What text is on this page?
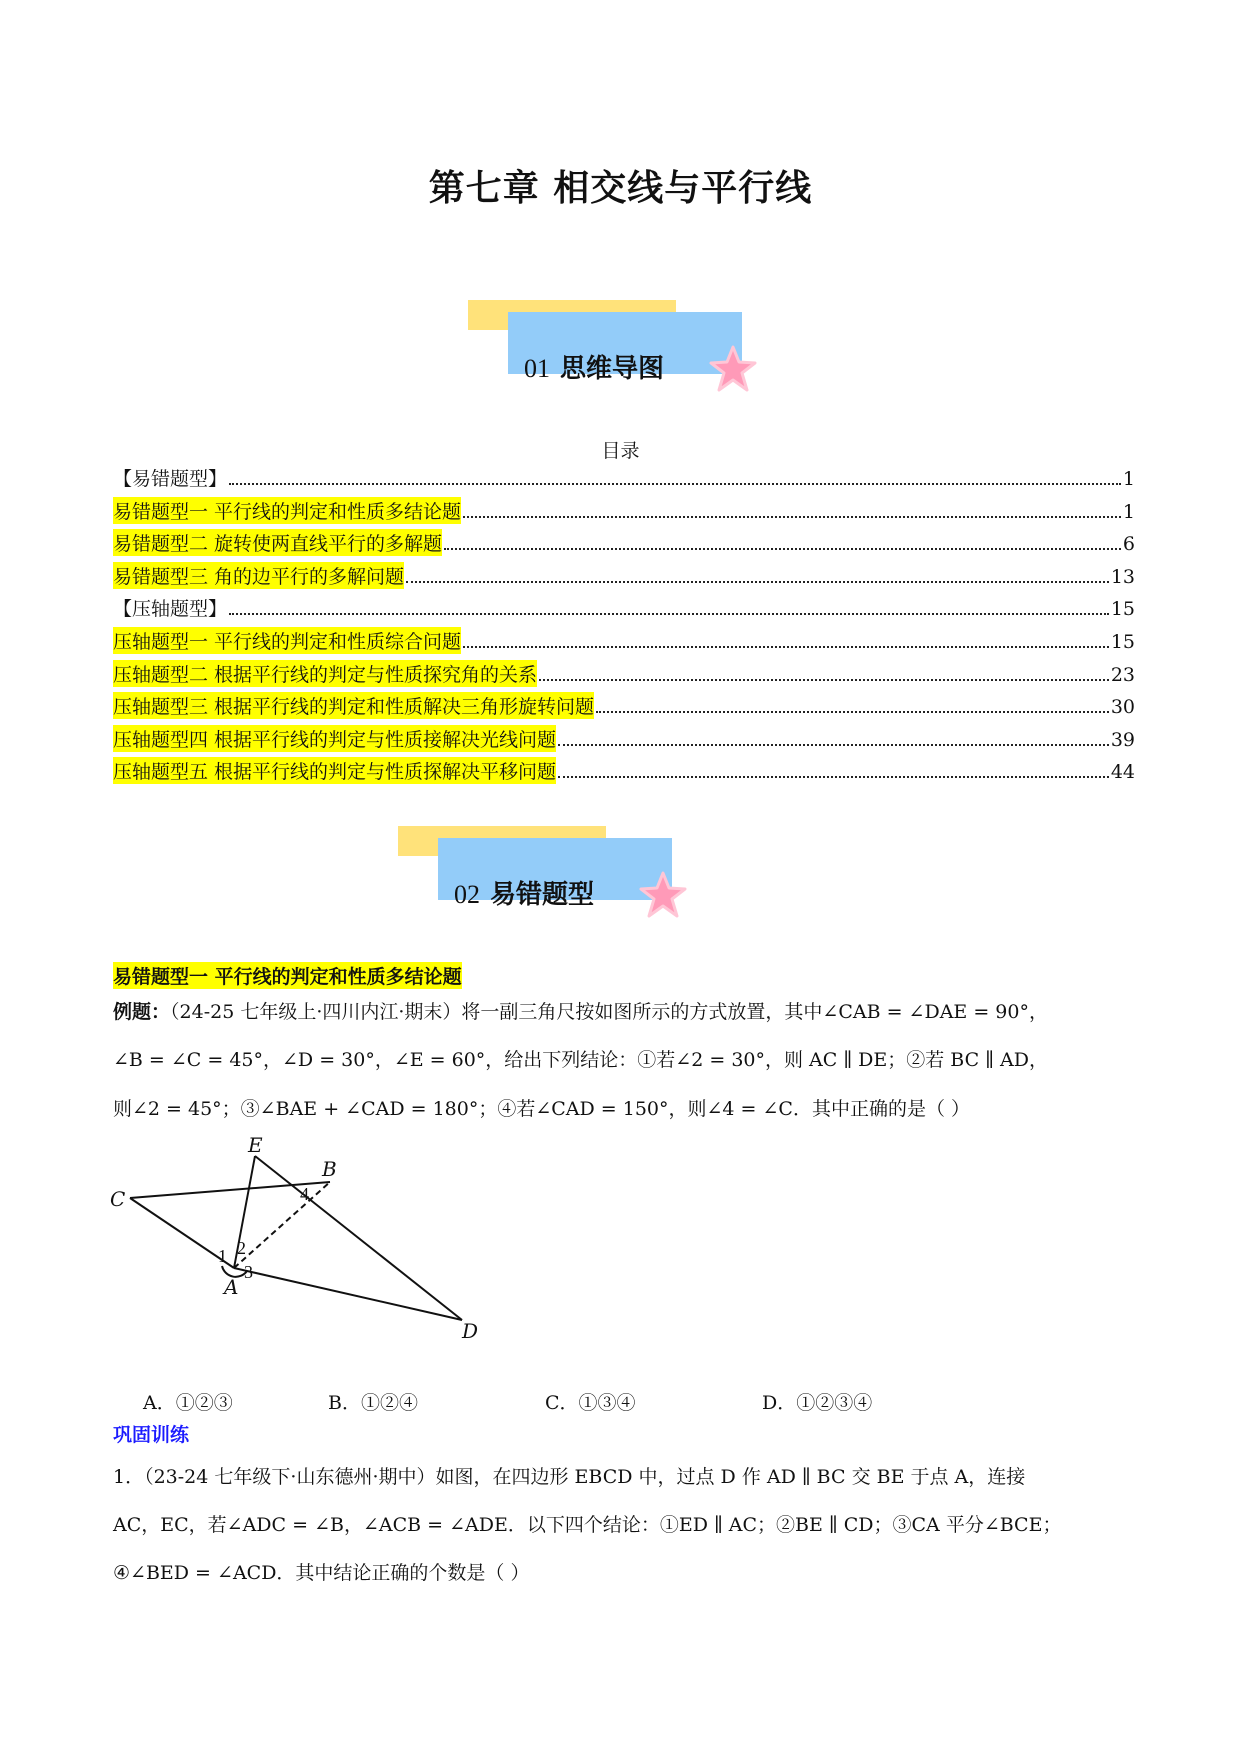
第七章 相交线与平行线
01 思维导图
目录
【易错题型】	1
易错题型一 平行线的判定和性质多结论题	1
易错题型二 旋转使两直线平行的多解题	6
易错题型三 角的边平行的多解问题	13
【压轴题型】	15
压轴题型一 平行线的判定和性质综合问题	15
压轴题型二 根据平行线的判定与性质探究角的关系	23
压轴题型三 根据平行线的判定和性质解决三角形旋转问题	30
压轴题型四 根据平行线的判定与性质接解决光线问题	39
压轴题型五 根据平行线的判定与性质探解决平移问题	44
02 易错题型
易错题型一 平行线的判定和性质多结论题
例题：（24-25 七年级上·四川内江·期末）将一副三角尺按如图所示的方式放置，其中∠CAB = ∠DAE = 90°，
∠B = ∠C = 45°，∠D = 30°，∠E = 60°，给出下列结论：①若∠2 = 30°，则 AC ∥ DE；②若 BC ∥ AD，
则∠2 = 45°；③∠BAE + ∠CAD = 180°；④若∠CAD = 150°，则∠4 = ∠C．其中正确的是（ ）
E
B
C
A
D
1 2
3
4
A．①②③	B．①②④	C．①③④	D．①②③④
巩固训练
1．（23-24 七年级下·山东德州·期中）如图，在四边形 EBCD 中，过点 D 作 AD ∥ BC 交 BE 于点 A，连接
AC，EC，若∠ADC = ∠B，∠ACB = ∠ADE．以下四个结论：①ED ∥ AC；②BE ∥ CD；③CA 平分∠BCE；
④∠BED = ∠ACD．其中结论正确的个数是（ ）
